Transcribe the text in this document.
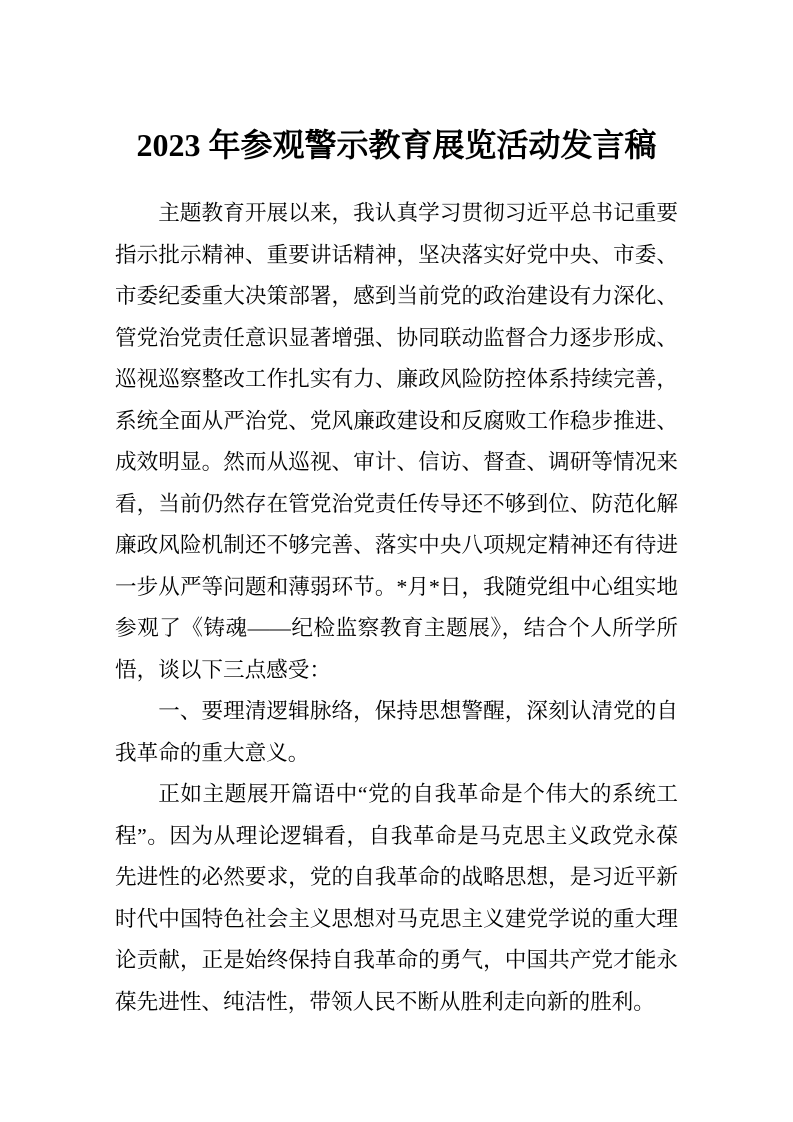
2023 年参观警示教育展览活动发言稿

主题教育开展以来，我认真学习贯彻习近平总书记重要指示批示精神、重要讲话精神，坚决落实好党中央、市委、市委纪委重大决策部署，感到当前党的政治建设有力深化、管党治党责任意识显著增强、协同联动监督合力逐步形成、巡视巡察整改工作扎实有力、廉政风险防控体系持续完善，系统全面从严治党、党风廉政建设和反腐败工作稳步推进、成效明显。然而从巡视、审计、信访、督查、调研等情况来看，当前仍然存在管党治党责任传导还不够到位、防范化解廉政风险机制还不够完善、落实中央八项规定精神还有待进一步从严等问题和薄弱环节。*月*日，我随党组中心组实地参观了《铸魂——纪检监察教育主题展》，结合个人所学所悟，谈以下三点感受：

一、要理清逻辑脉络，保持思想警醒，深刻认清党的自我革命的重大意义。

正如主题展开篇语中“党的自我革命是个伟大的系统工程”。因为从理论逻辑看，自我革命是马克思主义政党永葆先进性的必然要求，党的自我革命的战略思想，是习近平新时代中国特色社会主义思想对马克思主义建党学说的重大理论贡献，正是始终保持自我革命的勇气，中国共产党才能永葆先进性、纯洁性，带领人民不断从胜利走向新的胜利。
